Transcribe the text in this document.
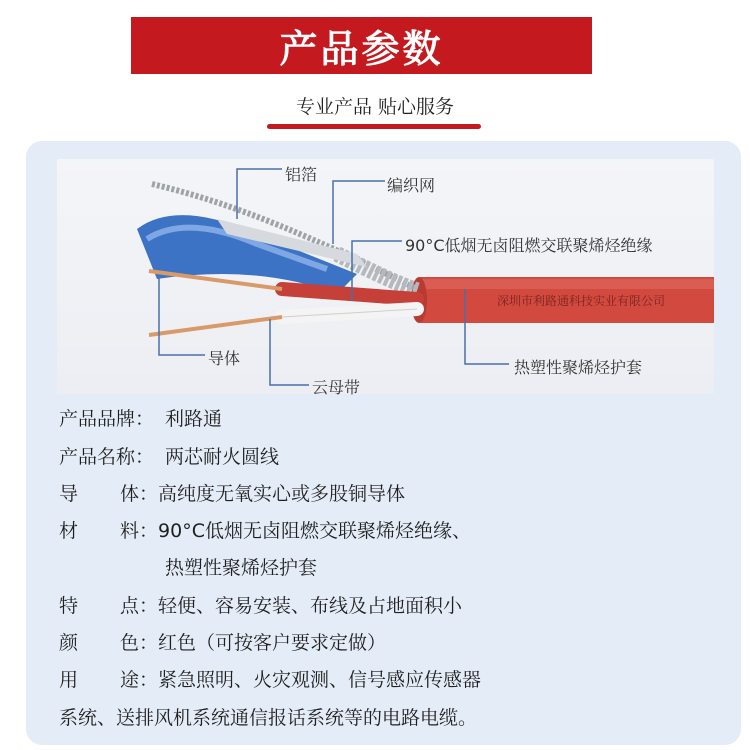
产品参数
专业产品 贴心服务
深圳市利路通科技实业有限公司
铝箔
编织网
90°C低烟无卤阻燃交联聚烯烃绝缘
导体
云母带
热塑性聚烯烃护套
产品品牌： 利路通
产品名称： 两芯耐火圆线
导 体：高纯度无氧实心或多股铜导体
材 料：90°C低烟无卤阻燃交联聚烯烃绝缘、
热塑性聚烯烃护套
特 点：轻便、容易安装、布线及占地面积小
颜 色：红色（可按客户要求定做）
用 途：紧急照明、火灾观测、信号感应传感器
系统、送排风机系统通信报话系统等的电路电缆。
